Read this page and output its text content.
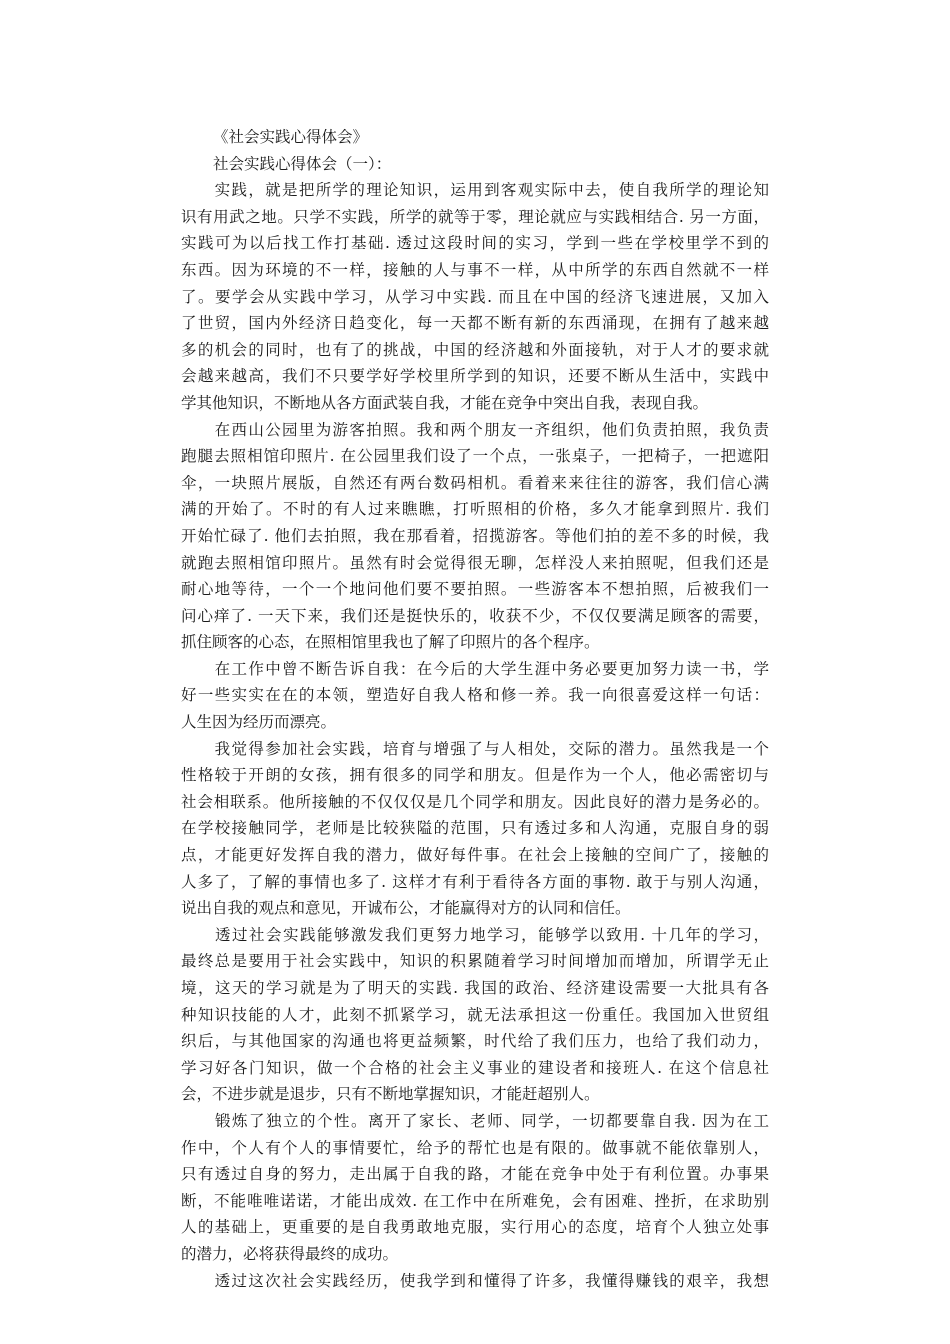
《社会实践心得体会》
社会实践心得体会（一）：
　　实践，就是把所学的理论知识，运用到客观实际中去，使自我所学的理论知
识有用武之地。只学不实践，所学的就等于零，理论就应与实践相结合. 另一方面，
实践可为以后找工作打基础. 透过这段时间的实习，学到一些在学校里学不到的
东西。因为环境的不一样，接触的人与事不一样，从中所学的东西自然就不一样
了。要学会从实践中学习，从学习中实践. 而且在中国的经济飞速进展，又加入
了世贸，国内外经济日趋变化，每一天都不断有新的东西涌现，在拥有了越来越
多的机会的同时，也有了的挑战，中国的经济越和外面接轨，对于人才的要求就
会越来越高，我们不只要学好学校里所学到的知识，还要不断从生活中，实践中
学其他知识，不断地从各方面武装自我，才能在竞争中突出自我，表现自我。
　　在西山公园里为游客拍照。我和两个朋友一齐组织，他们负责拍照，我负责
跑腿去照相馆印照片. 在公园里我们设了一个点，一张桌子，一把椅子，一把遮阳
伞，一块照片展版，自然还有两台数码相机。看着来来往往的游客，我们信心满
满的开始了。不时的有人过来瞧瞧，打听照相的价格，多久才能拿到照片. 我们
开始忙碌了. 他们去拍照，我在那看着，招揽游客。等他们拍的差不多的时候，我
就跑去照相馆印照片。虽然有时会觉得很无聊，怎样没人来拍照呢，但我们还是
耐心地等待，一个一个地问他们要不要拍照。一些游客本不想拍照，后被我们一
问心痒了. 一天下来，我们还是挺快乐的，收获不少，不仅仅要满足顾客的需要，
抓住顾客的心态，在照相馆里我也了解了印照片的各个程序。
　　在工作中曾不断告诉自我：在今后的大学生涯中务必要更加努力读一书，学
好一些实实在在的本领，塑造好自我人格和修一养。我一向很喜爱这样一句话：
人生因为经历而漂亮。
　　我觉得参加社会实践，培育与增强了与人相处，交际的潜力。虽然我是一个
性格较于开朗的女孩，拥有很多的同学和朋友。但是作为一个人，他必需密切与
社会相联系。他所接触的不仅仅仅是几个同学和朋友。因此良好的潜力是务必的。
在学校接触同学，老师是比较狭隘的范围，只有透过多和人沟通，克服自身的弱
点，才能更好发挥自我的潜力，做好每件事。在社会上接触的空间广了，接触的
人多了，了解的事情也多了. 这样才有利于看待各方面的事物. 敢于与别人沟通，
说出自我的观点和意见，开诚布公，才能赢得对方的认同和信任。
　　透过社会实践能够激发我们更努力地学习，能够学以致用. 十几年的学习，
最终总是要用于社会实践中，知识的积累随着学习时间增加而增加，所谓学无止
境，这天的学习就是为了明天的实践. 我国的政治、经济建设需要一大批具有各
种知识技能的人才，此刻不抓紧学习，就无法承担这一份重任。我国加入世贸组
织后，与其他国家的沟通也将更益频繁，时代给了我们压力，也给了我们动力，
学习好各门知识，做一个合格的社会主义事业的建设者和接班人. 在这个信息社
会，不进步就是退步，只有不断地掌握知识，才能赶超别人。
　　锻炼了独立的个性。离开了家长、老师、同学，一切都要靠自我. 因为在工
作中，个人有个人的事情要忙，给予的帮忙也是有限的。做事就不能依靠别人，
只有透过自身的努力，走出属于自我的路，才能在竞争中处于有利位置。办事果
断，不能唯唯诺诺，才能出成效. 在工作中在所难免，会有困难、挫折，在求助别
人的基础上，更重要的是自我勇敢地克服，实行用心的态度，培育个人独立处事
的潜力，必将获得最终的成功。
　　透过这次社会实践经历，使我学到和懂得了许多，我懂得赚钱的艰辛，我想
